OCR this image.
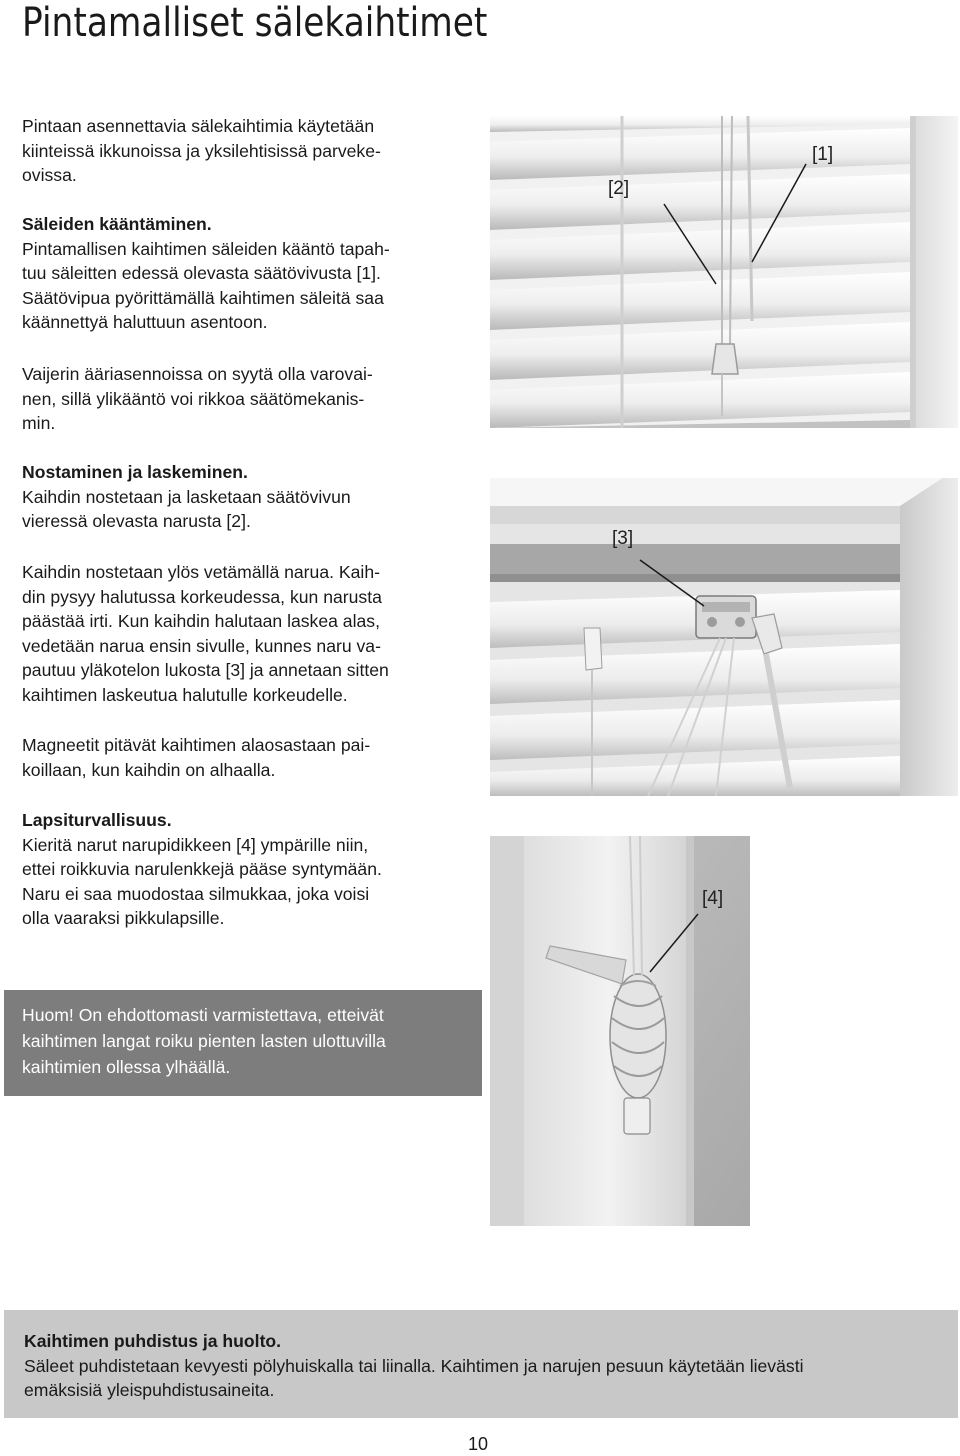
Pintamalliset sälekaihtimet

Pintaan asennettavia sälekaihtimia käytetään

kiinteissä ikkunoissa ja yksilehtisissä parveke-

ovissa.

Säleiden kääntäminen.

Pintamallisen kaihtimen säleiden kääntö tapah-

tuu säleitten edessä olevasta säätövivusta [1].

Säätövipua pyörittämällä kaihtimen säleitä saa

käännettyä haluttuun asentoon.

Vaijerin ääriasennoissa on syytä olla varovai-

nen, sillä ylikääntö voi rikkoa säätömekanis-

min.

Nostaminen ja laskeminen.

Kaihdin nostetaan ja lasketaan säätövivun

vieressä olevasta narusta [2].

Kaihdin nostetaan ylös vetämällä narua. Kaih-

din pysyy halutussa korkeudessa, kun narusta

päästää irti. Kun kaihdin halutaan laskea alas,

vedetään narua ensin sivulle, kunnes naru va-

pautuu yläkotelon lukosta [3] ja annetaan sitten

kaihtimen laskeutua halutulle korkeudelle.

Magneetit pitävät kaihtimen alaosastaan pai-

koillaan, kun kaihdin on alhaalla.

Lapsiturvallisuus.

Kieritä narut narupidikkeen [4] ympärille niin,

ettei roikkuvia narulenkkejä pääse syntymään.

Naru ei saa muodostaa silmukkaa, joka voisi

olla vaaraksi pikkulapsille.

Huom! On ehdottomasti varmistettava, etteivät
kaihtimen langat roiku pienten lasten ulottuvilla
kaihtimien ollessa ylhäällä.
[2]
[1]
[3]
[4]
Kaihtimen puhdistus ja huolto.
Säleet puhdistetaan kevyesti pölyhuiskalla tai liinalla. Kaihtimen ja narujen pesuun käytetään lievästi
emäksisiä yleispuhdistusaineita.
10
